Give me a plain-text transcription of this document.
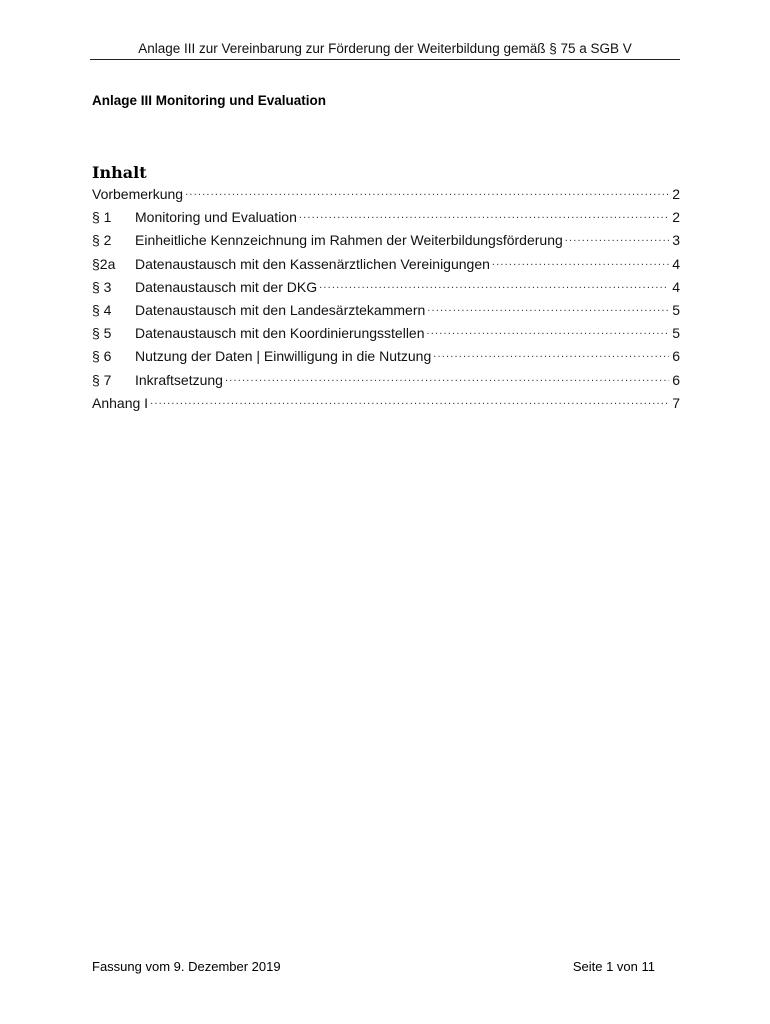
Anlage III zur Vereinbarung zur Förderung der Weiterbildung gemäß § 75 a SGB V
Anlage III Monitoring und Evaluation
Inhalt
Vorbemerkung .....	2
§ 1	Monitoring und Evaluation .....	2
§ 2	Einheitliche Kennzeichnung im Rahmen der Weiterbildungsförderung .....	3
§2a	Datenaustausch mit den Kassenärztlichen Vereinigungen .....	4
§ 3	Datenaustausch mit der DKG .....	4
§ 4	Datenaustausch mit den Landesärztekammern .....	5
§ 5	Datenaustausch mit den Koordinierungsstellen .....	5
§ 6	Nutzung der Daten | Einwilligung in die Nutzung .....	6
§ 7	Inkraftsetzung .....	6
Anhang I .....	7
Fassung vom 9. Dezember 2019	Seite 1 von 11
